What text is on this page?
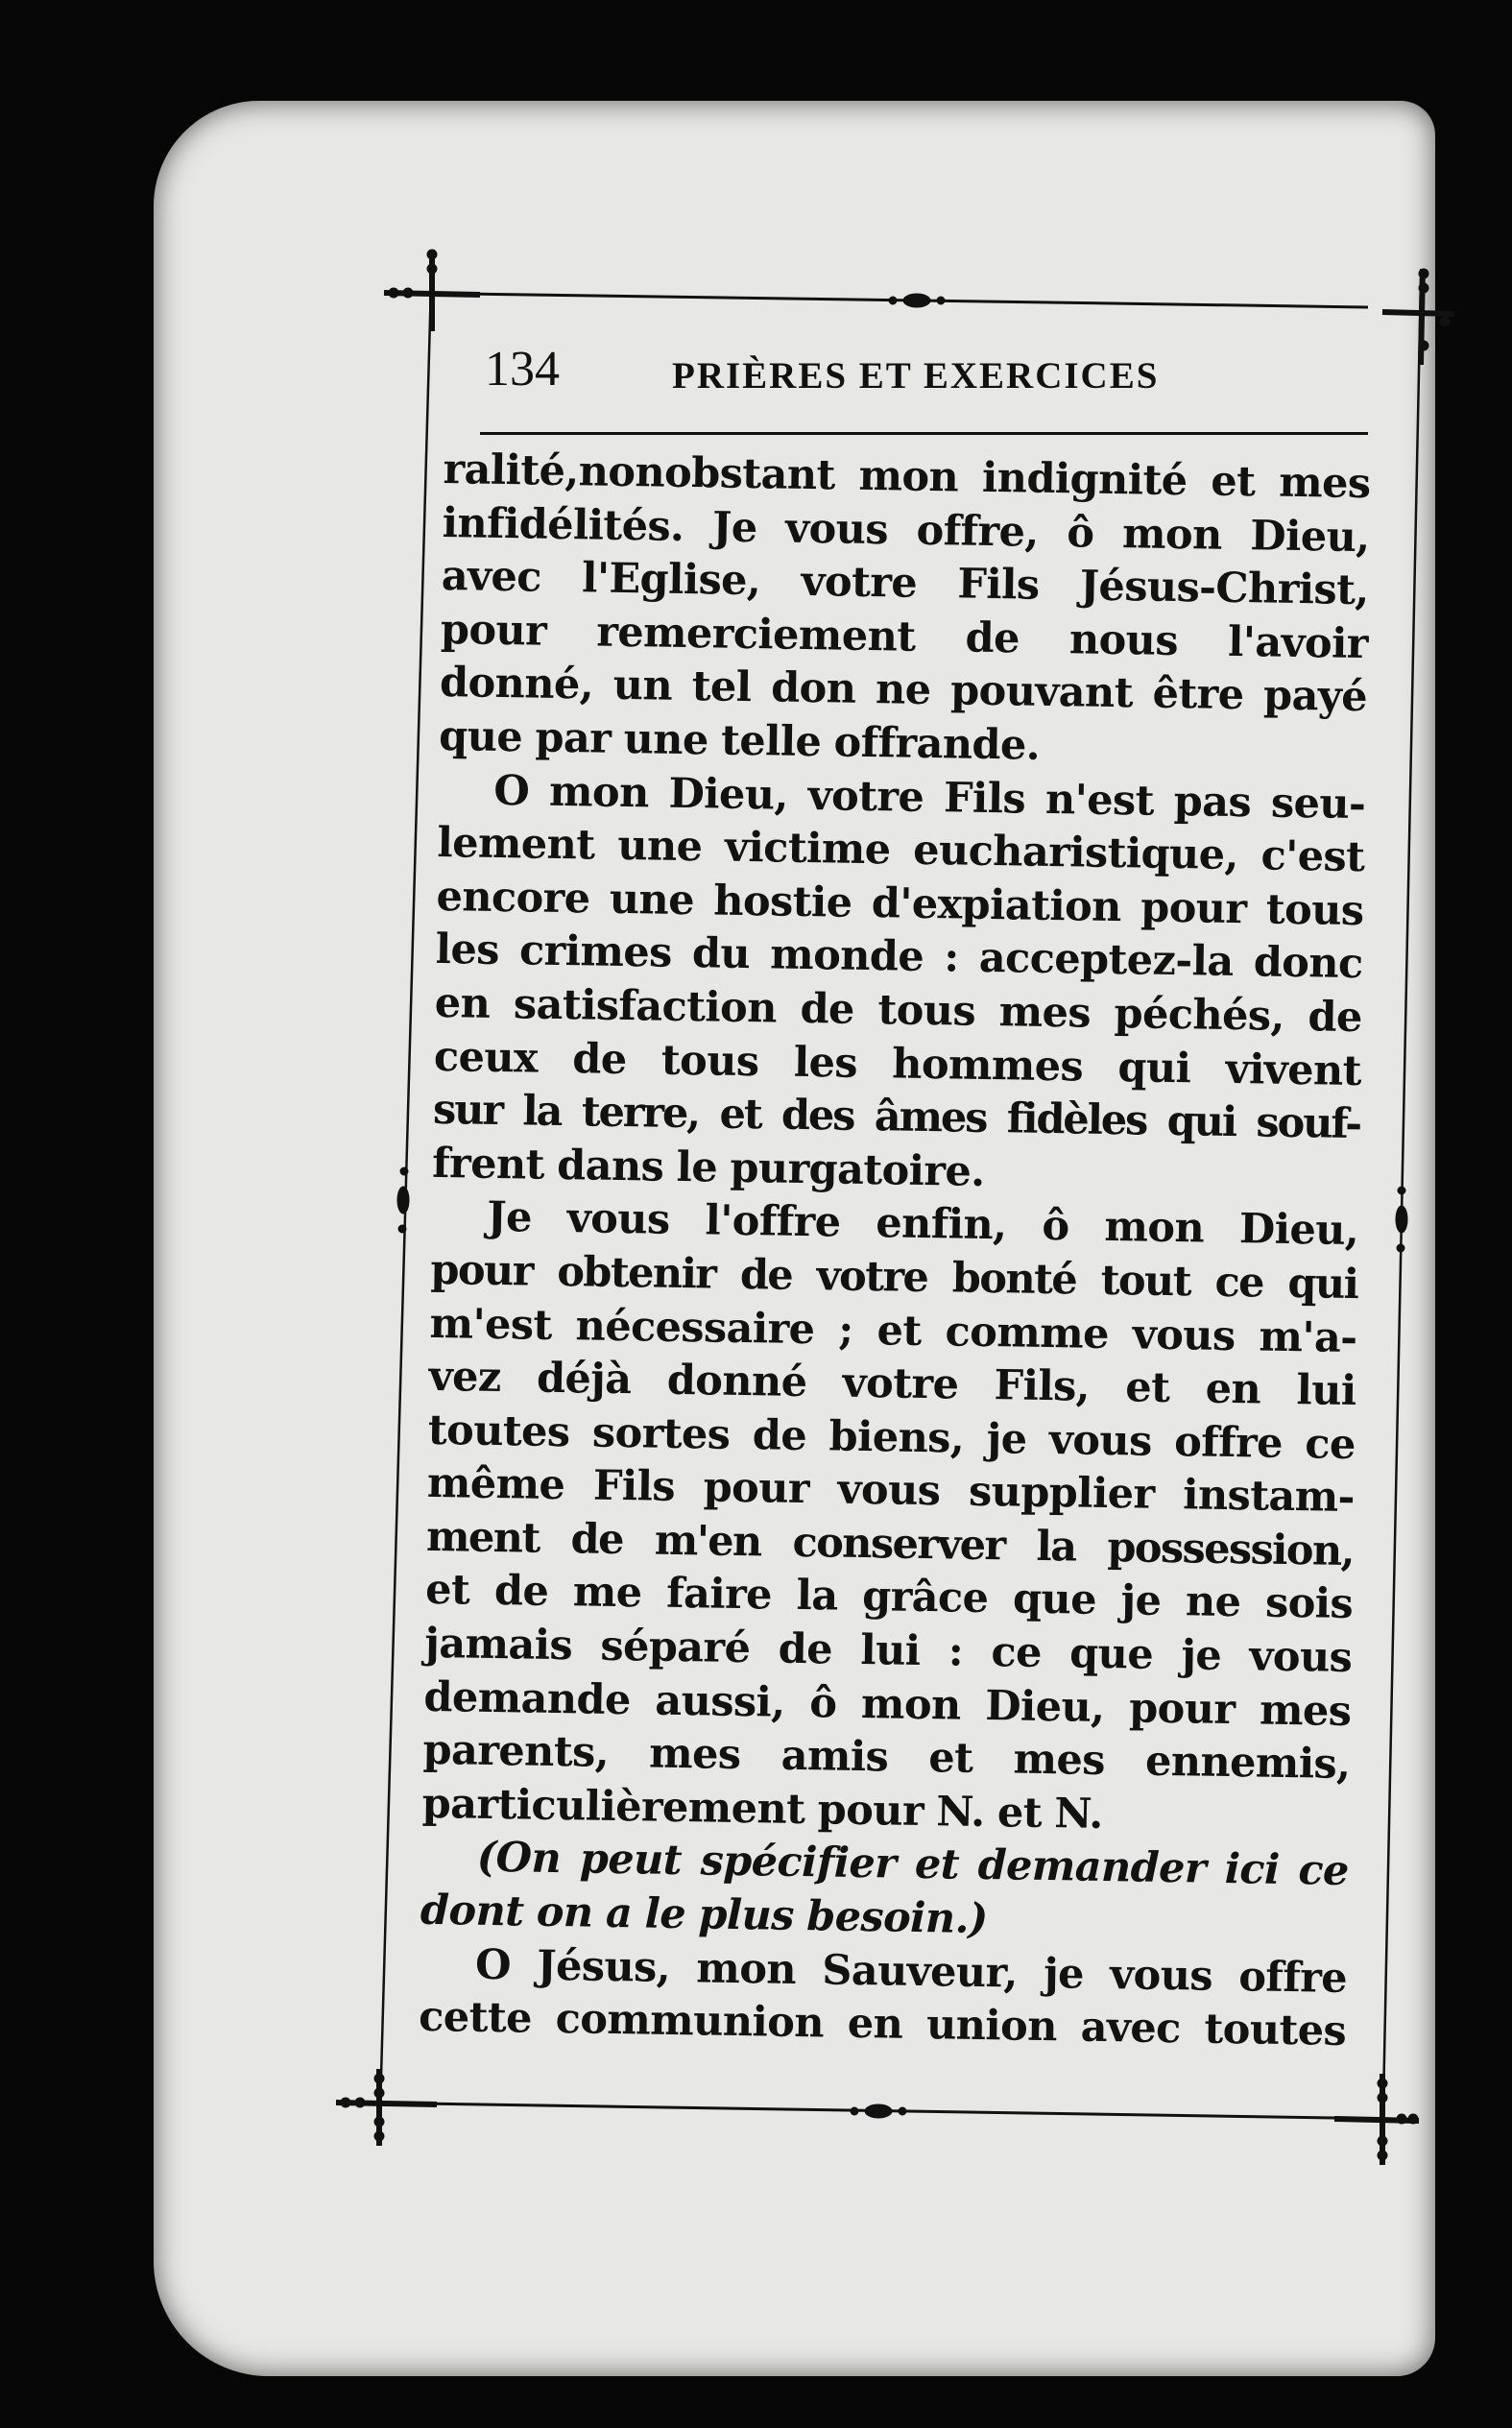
134	PRIÈRES ET EXERCICES

ralité,nonobstant mon indignité et mes
infidélités. Je vous offre, ô mon Dieu,
avec l'Eglise, votre Fils Jésus-Christ,
pour remerciement de nous l'avoir
donné, un tel don ne pouvant être payé
que par une telle offrande.

O mon Dieu, votre Fils n'est pas seu-
lement une victime eucharistique, c'est
encore une hostie d'expiation pour tous
les crimes du monde : acceptez-la donc
en satisfaction de tous mes péchés, de
ceux de tous les hommes qui vivent
sur la terre, et des âmes fidèles qui souf-
frent dans le purgatoire.

Je vous l'offre enfin, ô mon Dieu,
pour obtenir de votre bonté tout ce qui
m'est nécessaire ; et comme vous m'a-
vez déjà donné votre Fils, et en lui
toutes sortes de biens, je vous offre ce
même Fils pour vous supplier instam-
ment de m'en conserver la possession,
et de me faire la grâce que je ne sois
jamais séparé de lui : ce que je vous
demande aussi, ô mon Dieu, pour mes
parents, mes amis et mes ennemis,
particulièrement pour N. et N.

(On peut spécifier et demander ici ce
dont on a le plus besoin.)

O Jésus, mon Sauveur, je vous offre
cette communion en union avec toutes
